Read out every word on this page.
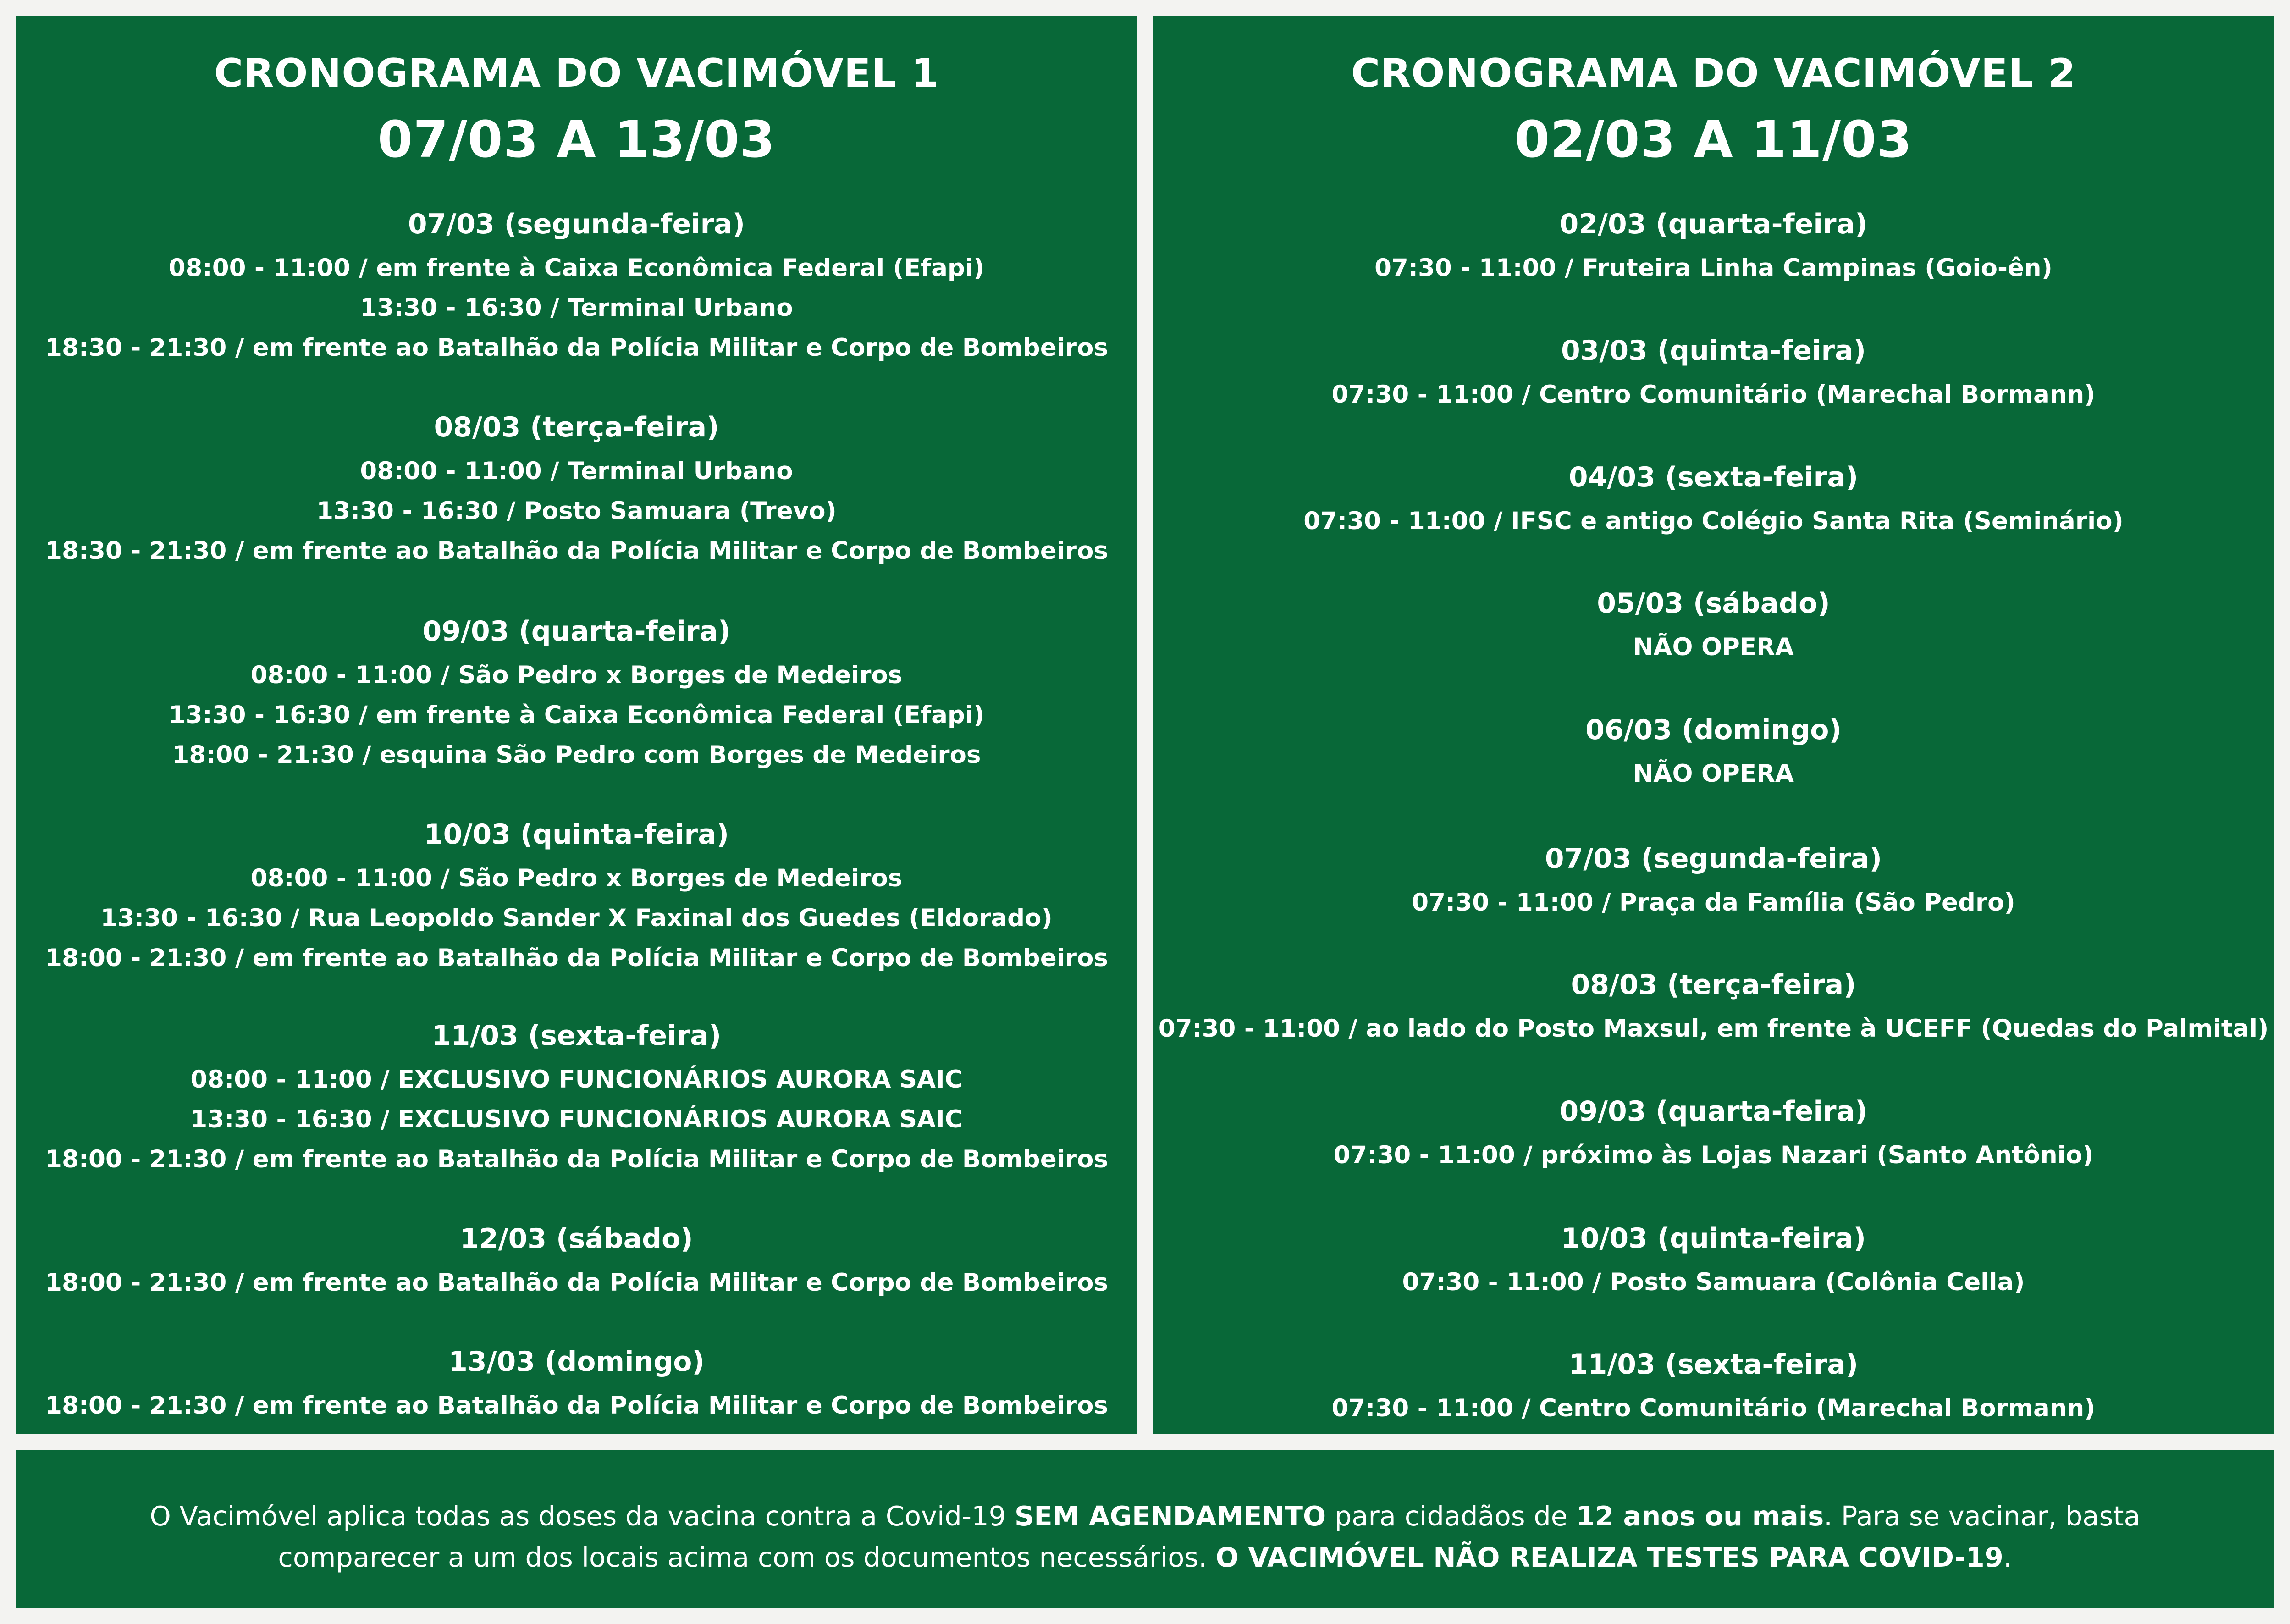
CRONOGRAMA DO VACIMÓVEL 1
07/03 A 13/03
07/03 (segunda-feira)
08:00 - 11:00 / em frente à Caixa Econômica Federal (Efapi)
13:30 - 16:30 / Terminal Urbano
18:30 - 21:30 / em frente ao Batalhão da Polícia Militar e Corpo de Bombeiros
08/03 (terça-feira)
08:00 - 11:00 / Terminal Urbano
13:30 - 16:30 / Posto Samuara (Trevo)
18:30 - 21:30 / em frente ao Batalhão da Polícia Militar e Corpo de Bombeiros
09/03 (quarta-feira)
08:00 - 11:00 / São Pedro x Borges de Medeiros
13:30 - 16:30 / em frente à Caixa Econômica Federal (Efapi)
18:00 - 21:30 / esquina São Pedro com Borges de Medeiros
10/03 (quinta-feira)
08:00 - 11:00 / São Pedro x Borges de Medeiros
13:30 - 16:30 / Rua Leopoldo Sander X Faxinal dos Guedes (Eldorado)
18:00 - 21:30 / em frente ao Batalhão da Polícia Militar e Corpo de Bombeiros
11/03 (sexta-feira)
08:00 - 11:00 / EXCLUSIVO FUNCIONÁRIOS AURORA SAIC
13:30 - 16:30 / EXCLUSIVO FUNCIONÁRIOS AURORA SAIC
18:00 - 21:30 / em frente ao Batalhão da Polícia Militar e Corpo de Bombeiros
12/03 (sábado)
18:00 - 21:30 / em frente ao Batalhão da Polícia Militar e Corpo de Bombeiros
13/03 (domingo)
18:00 - 21:30 / em frente ao Batalhão da Polícia Militar e Corpo de Bombeiros
CRONOGRAMA DO VACIMÓVEL 2
02/03 A 11/03
02/03 (quarta-feira)
07:30 - 11:00 / Fruteira Linha Campinas (Goio-ên)
03/03 (quinta-feira)
07:30 - 11:00 / Centro Comunitário (Marechal Bormann)
04/03 (sexta-feira)
07:30 - 11:00 / IFSC e antigo Colégio Santa Rita (Seminário)
05/03 (sábado)
NÃO OPERA
06/03 (domingo)
NÃO OPERA
07/03 (segunda-feira)
07:30 - 11:00 / Praça da Família (São Pedro)
08/03 (terça-feira)
07:30 - 11:00 / ao lado do Posto Maxsul, em frente à UCEFF (Quedas do Palmital)
09/03 (quarta-feira)
07:30 - 11:00 / próximo às Lojas Nazari (Santo Antônio)
10/03 (quinta-feira)
07:30 - 11:00 / Posto Samuara (Colônia Cella)
11/03 (sexta-feira)
07:30 - 11:00 / Centro Comunitário (Marechal Bormann)
O Vacimóvel aplica todas as doses da vacina contra a Covid-19 SEM AGENDAMENTO para cidadãos de 12 anos ou mais. Para se vacinar, basta comparecer a um dos locais acima com os documentos necessários. O VACIMÓVEL NÃO REALIZA TESTES PARA COVID-19.
